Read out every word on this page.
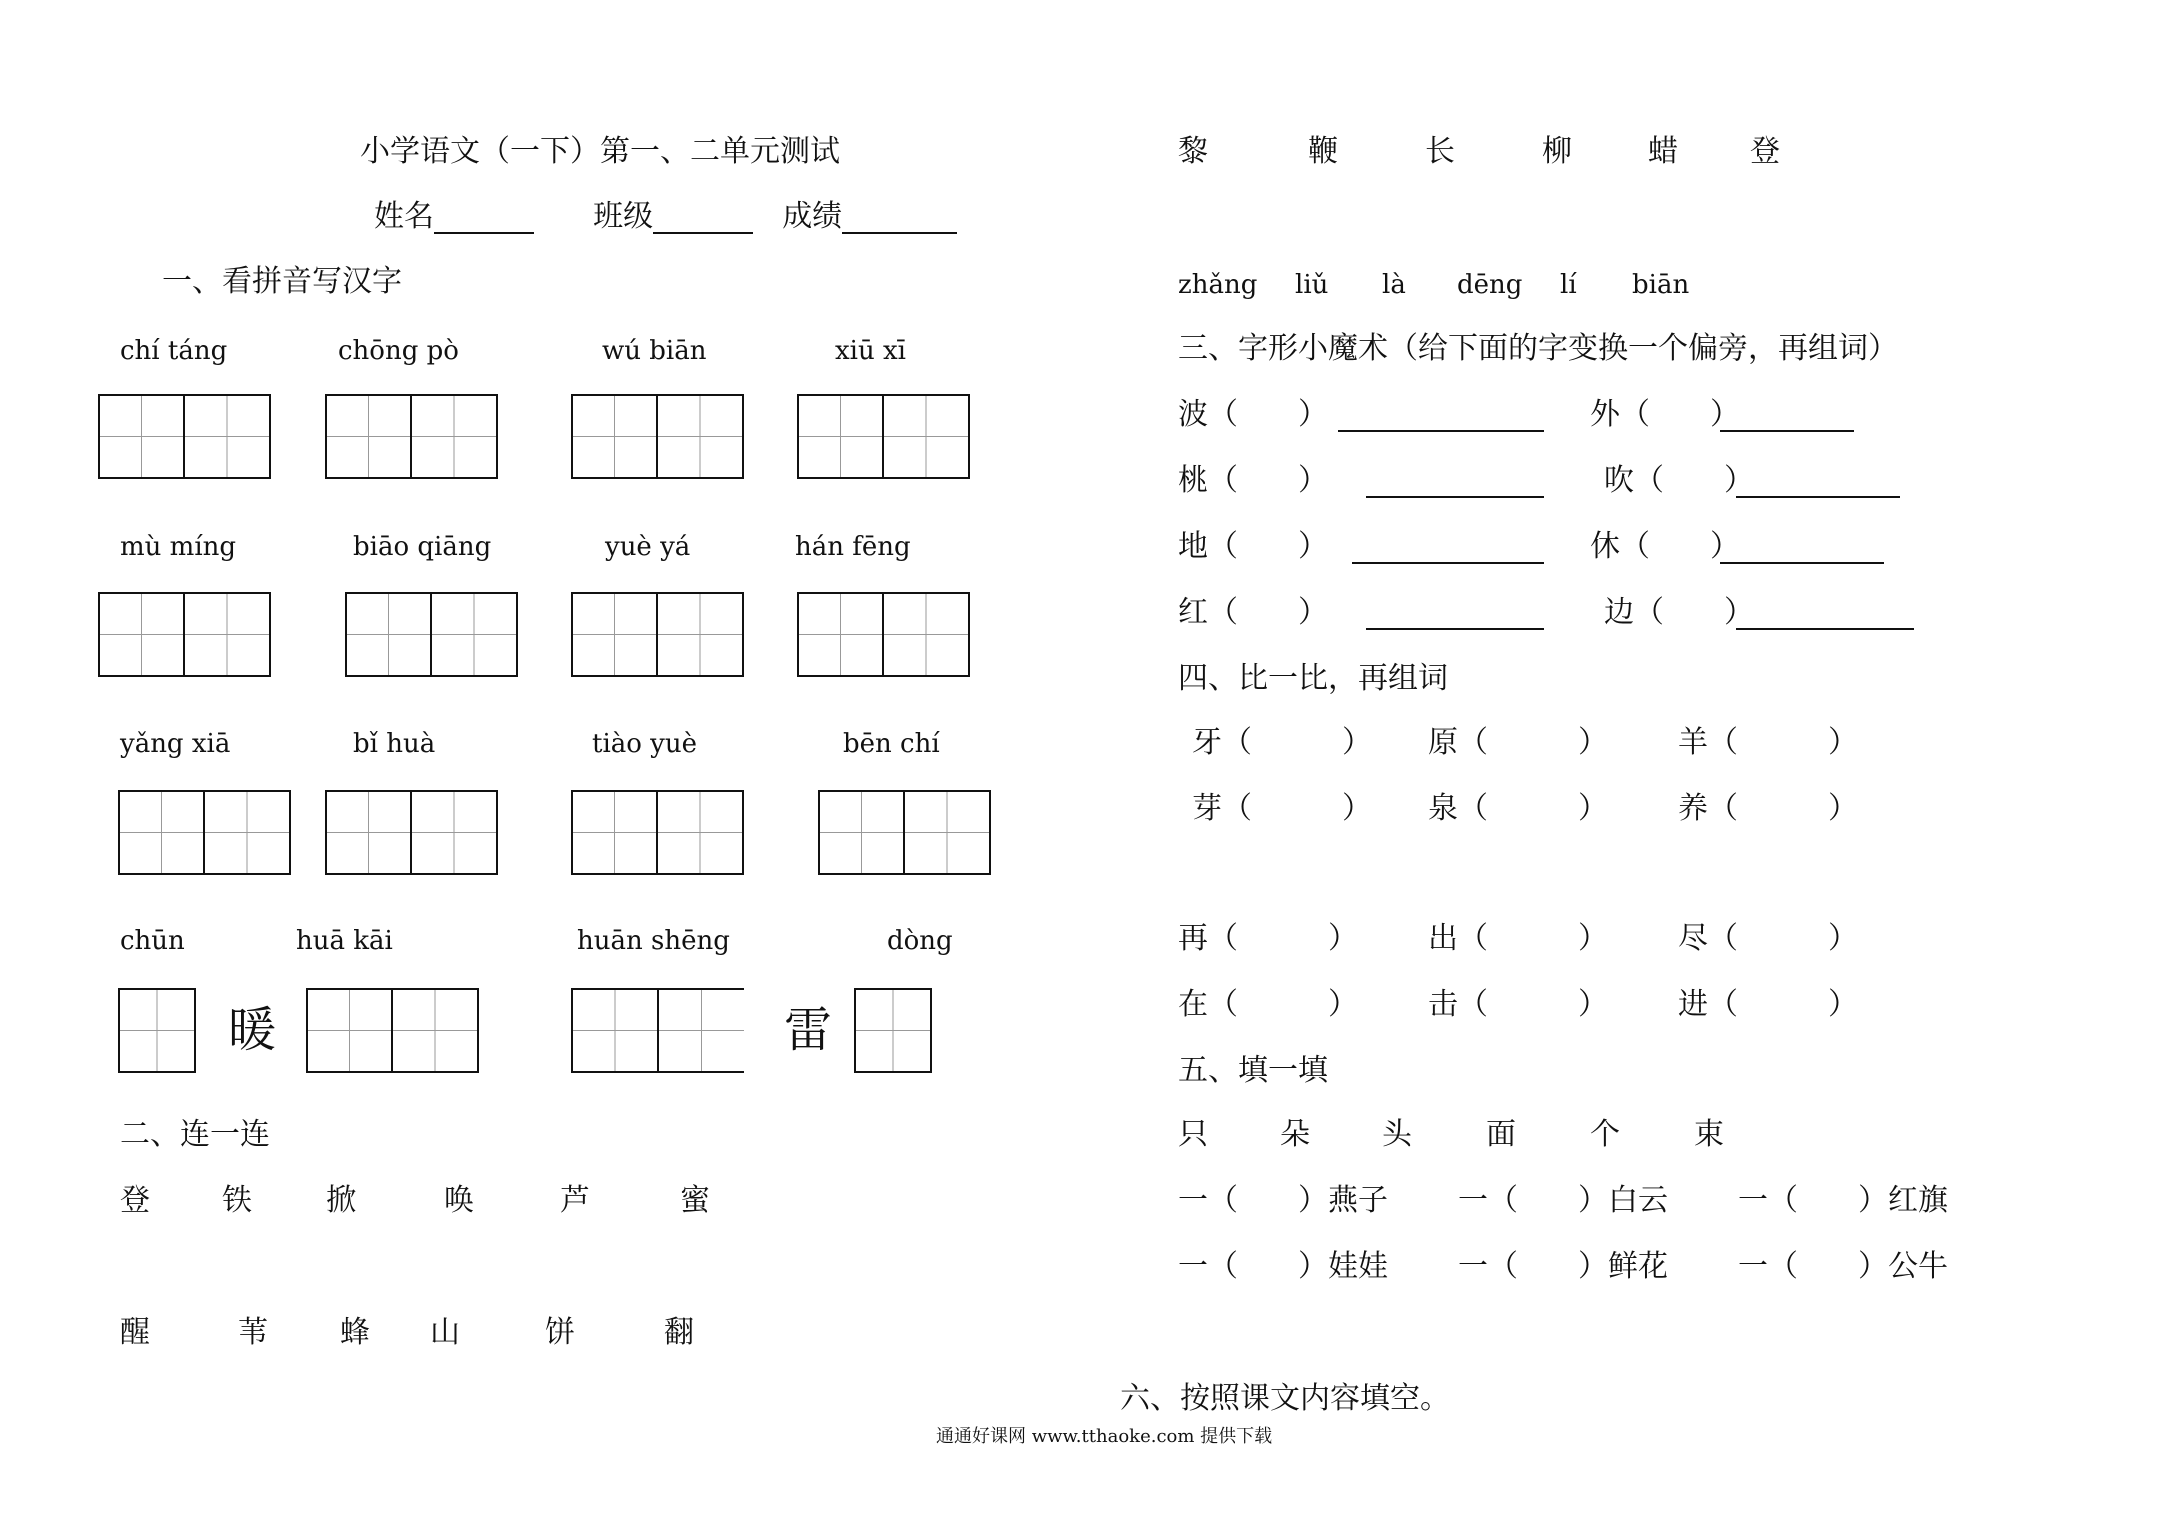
小学语文（一下）第一、二单元测试
姓名	班级	成绩
一、看拼音写汉字
chí táng	chōng pò	wú biān	xiū xī
mù míng	biāo qiāng	yuè yá	hán fēng
yǎng xiā	bǐ huà	tiào yuè	bēn chí
chūn	huā kāi	huān shēng	dòng
暖	雷
二、连一连
登 铁 掀	唤	芦	蜜
醒	苇 蜂 山	饼	翻
黎	鞭	长	柳	蜡 登
zhǎng liǔ là dēng lí biān
三、字形小魔术（给下面的字变换一个偏旁，再组词）
波（　　）	外（　　）
桃（　　）	吹（　　）
地（　　）	休（　　）
红（　　）	边（　　）
四、比一比，再组词
牙（　　　） 原（　　　） 羊（　　　）
芽（　　　） 泉（　　　） 养（　　　）
再（　　　） 出（　　　） 尽（　　　）
在（　　　） 击（　　　） 进（　　　）
五、填一填
只 朵 头 面 个 束
一（　　）燕子 一（　　）白云 一（　　）红旗
一（　　）娃娃 一（　　）鲜花 一（　　）公牛
六、按照课文内容填空。
通通好课网 www.tthaoke.com 提供下载
